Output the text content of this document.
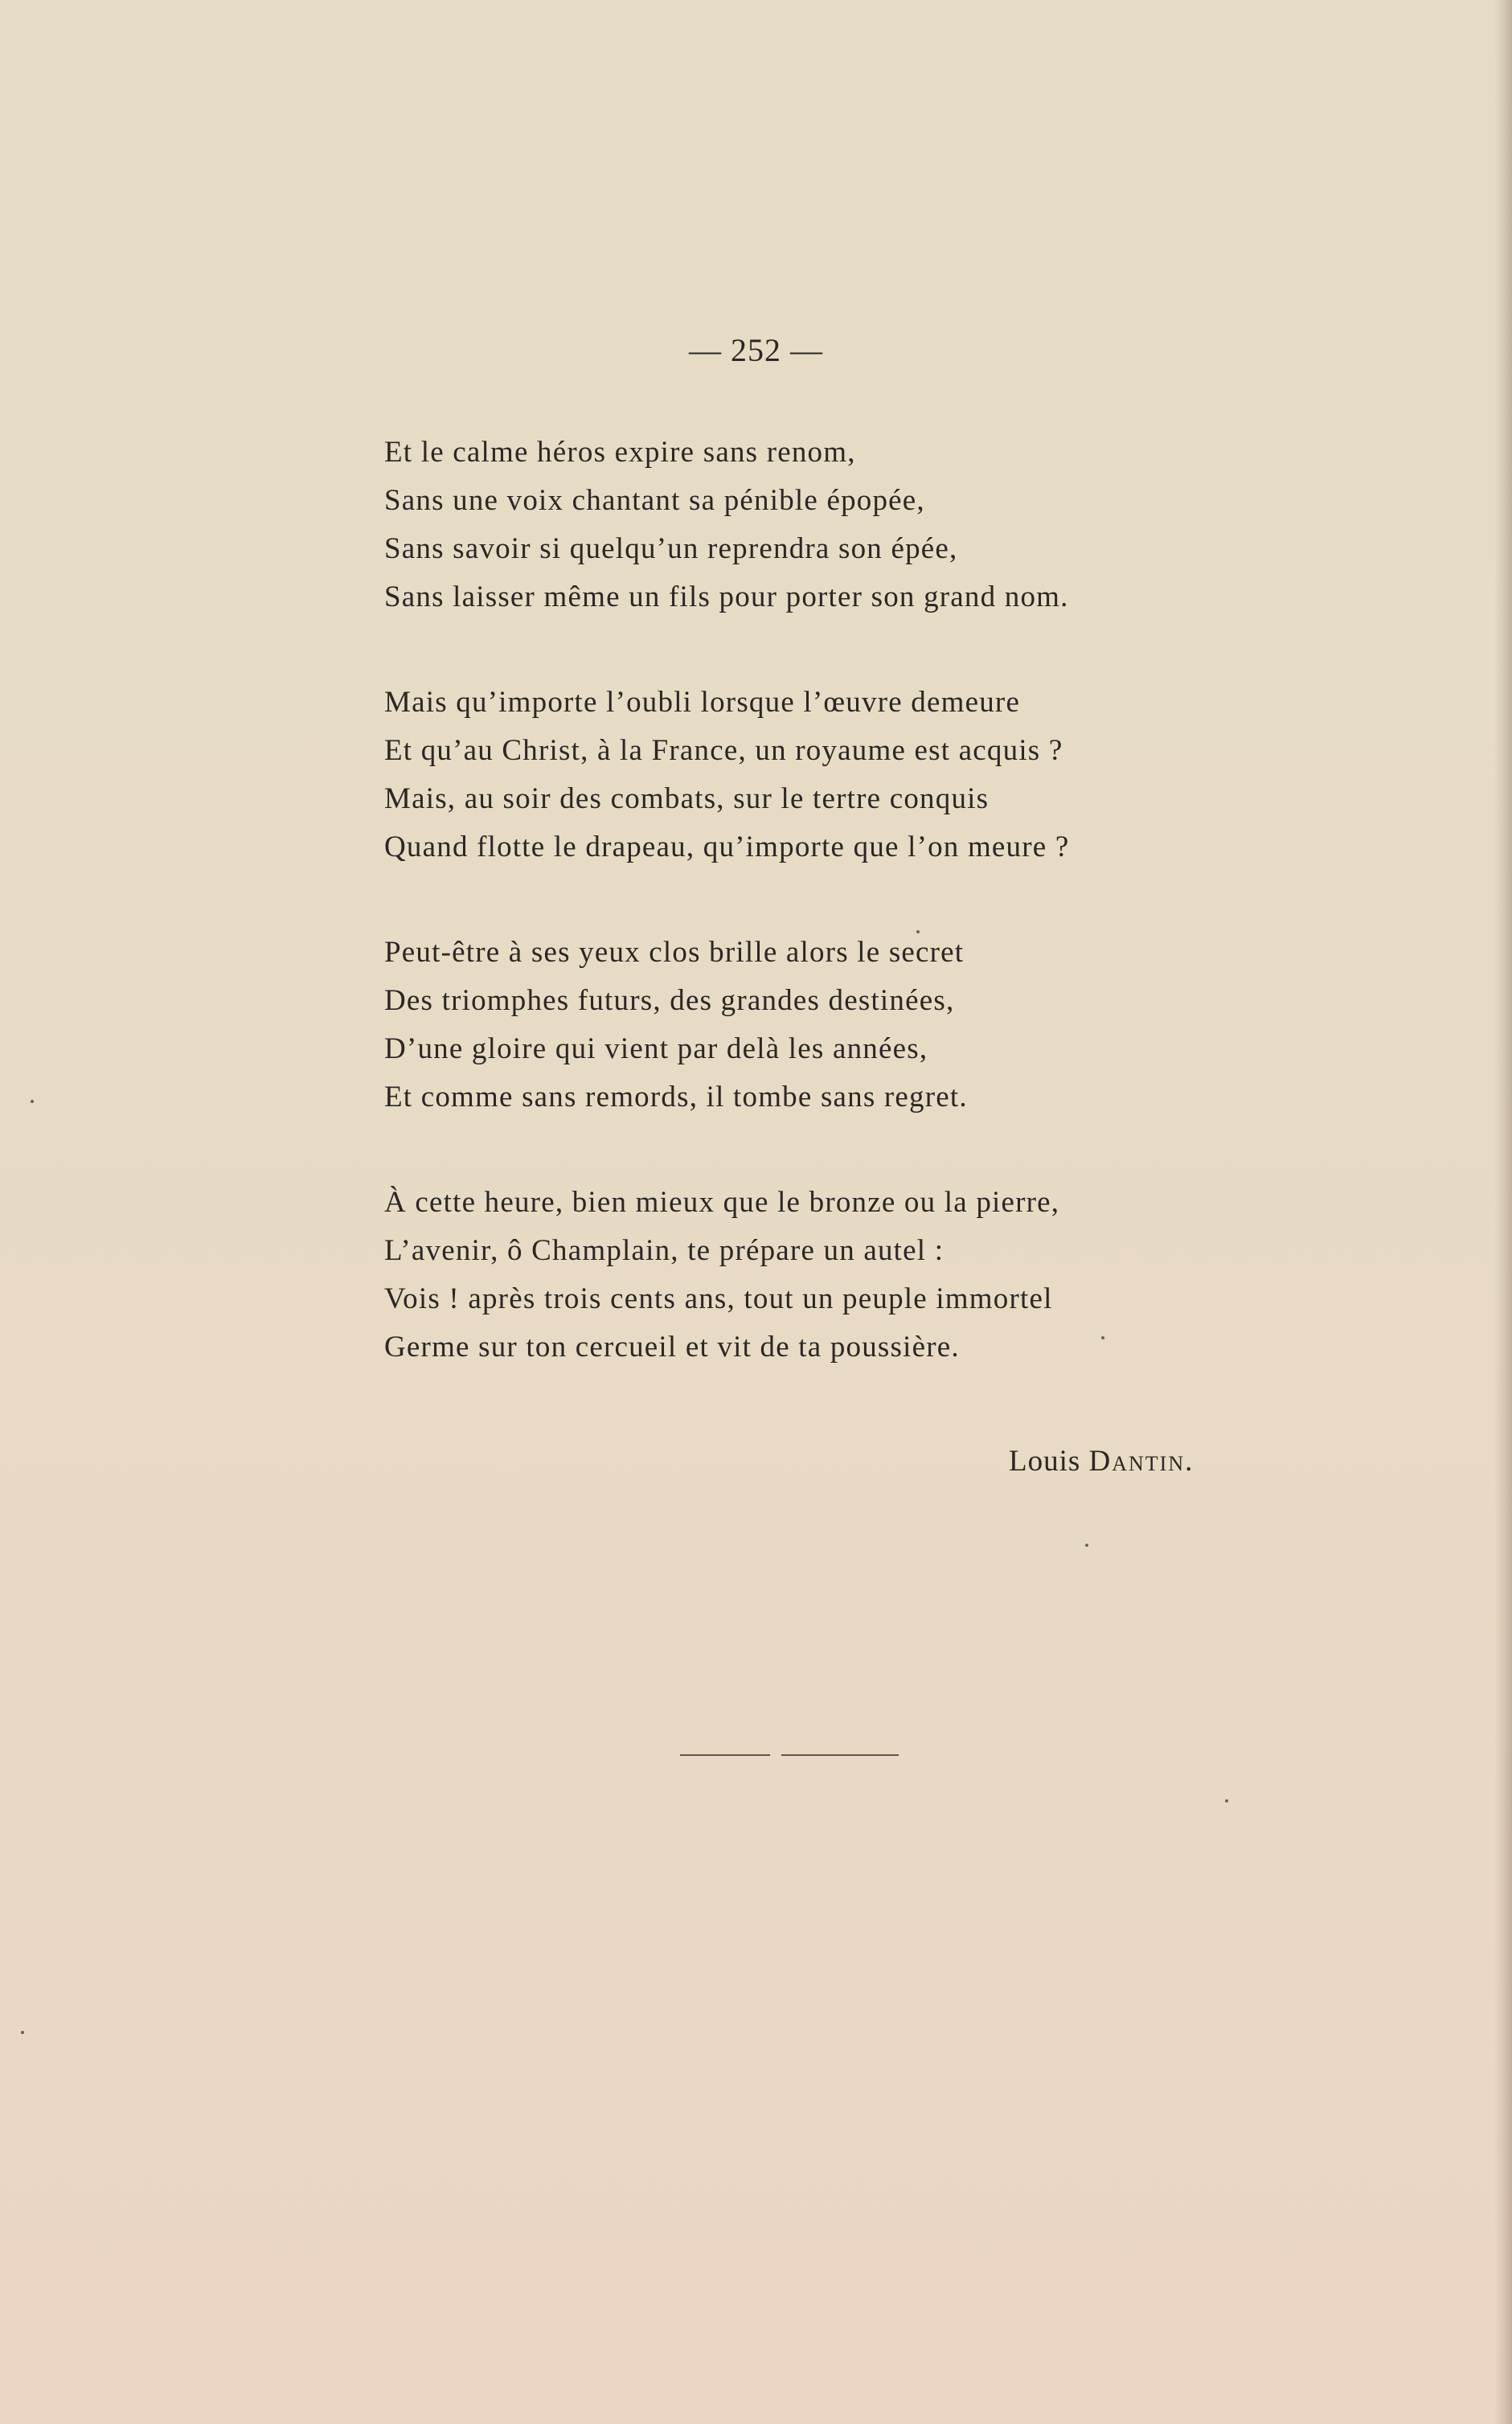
— 252 —
Et le calme héros expire sans renom,
Sans une voix chantant sa pénible épopée,
Sans savoir si quelqu’un reprendra son épée,
Sans laisser même un fils pour porter son grand nom.
Mais qu’importe l’oubli lorsque l’œuvre demeure
Et qu’au Christ, à la France, un royaume est acquis ?
Mais, au soir des combats, sur le tertre conquis
Quand flotte le drapeau, qu’importe que l’on meure ?
Peut-être à ses yeux clos brille alors le secret
Des triomphes futurs, des grandes destinées,
D’une gloire qui vient par delà les années,
Et comme sans remords, il tombe sans regret.
À cette heure, bien mieux que le bronze ou la pierre,
L’avenir, ô Champlain, te prépare un autel :
Vois ! après trois cents ans, tout un peuple immortel
Germe sur ton cercueil et vit de ta poussière.
Louis Dantin.
